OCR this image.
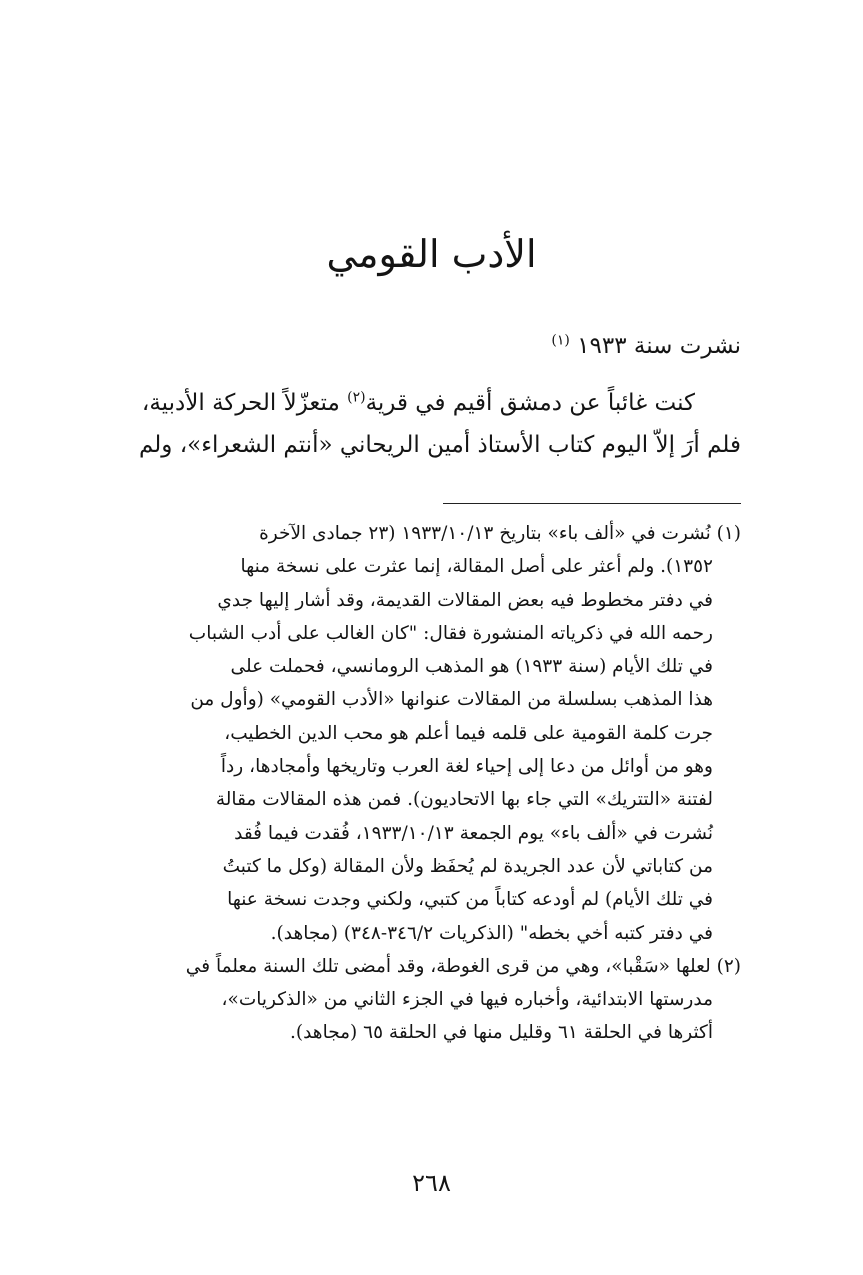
الأدب القومي
نشرت سنة ١٩٣٣ $^{(١)}$
كنت غائباً عن دمشق أقيم في قرية$^{(٢)}$ متعزّلاً الحركة الأدبية،
فلم أرَ إلاّ اليوم كتاب الأستاذ أمين الريحاني «أنتم الشعراء»، ولم
(١) نُشرت في «ألف باء» بتاريخ ١٩٣٣/١٠/١٣ (٢٣ جمادى الآخرة
١٣٥٢). ولم أعثر على أصل المقالة، إنما عثرت على نسخة منها
في دفتر مخطوط فيه بعض المقالات القديمة، وقد أشار إليها جدي
رحمه الله في ذكرياته المنشورة فقال: "كان الغالب على أدب الشباب
في تلك الأيام (سنة ١٩٣٣) هو المذهب الرومانسي، فحملت على
هذا المذهب بسلسلة من المقالات عنوانها «الأدب القومي» (وأول من
جرت كلمة القومية على قلمه فيما أعلم هو محب الدين الخطيب،
وهو من أوائل من دعا إلى إحياء لغة العرب وتاريخها وأمجادها، رداً
لفتنة «التتريك» التي جاء بها الاتحاديون). فمن هذه المقالات مقالة
نُشرت في «ألف باء» يوم الجمعة ١٩٣٣/١٠/١٣، فُقدت فيما فُقد
من كتاباتي لأن عدد الجريدة لم يُحفَظ ولأن المقالة (وكل ما كتبتُ
في تلك الأيام) لم أودعه كتاباً من كتبي، ولكني وجدت نسخة عنها
في دفتر كتبه أخي بخطه" (الذكريات ٣٤٦/٢-٣٤٨) (مجاهد).
(٢) لعلها «سَقْبا»، وهي من قرى الغوطة، وقد أمضى تلك السنة معلماً في
مدرستها الابتدائية، وأخباره فيها في الجزء الثاني من «الذكريات»،
أكثرها في الحلقة ٦١ وقليل منها في الحلقة ٦٥ (مجاهد).
٢٦٨
